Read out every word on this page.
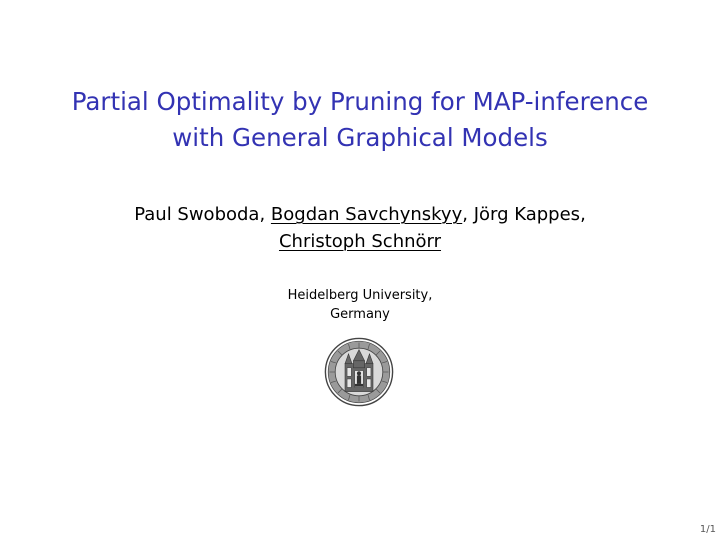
Partial Optimality by Pruning for MAP-inference
with General Graphical Models
Paul Swoboda, Bogdan Savchynskyy, Jörg Kappes,
Christoph Schnörr
Heidelberg University,
Germany
1/1
